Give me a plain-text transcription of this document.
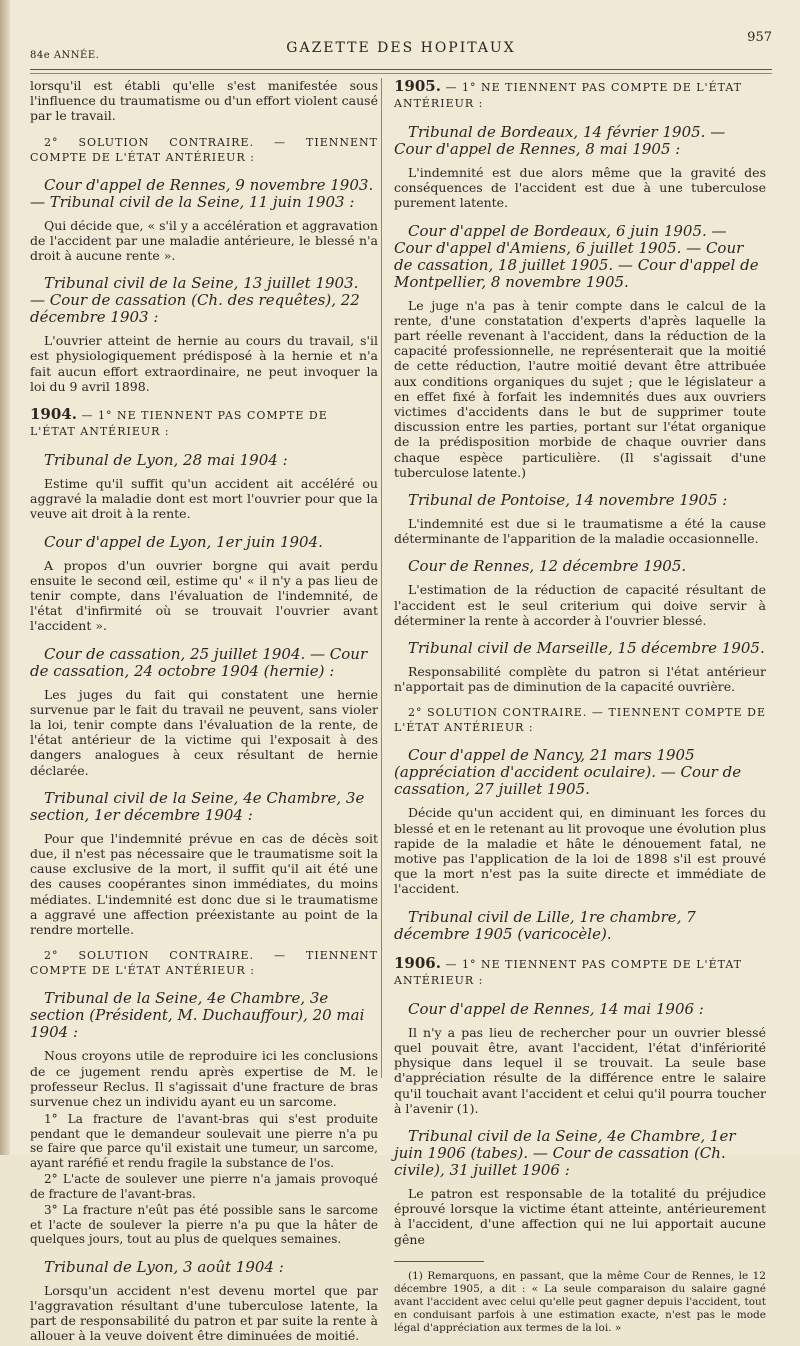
84e ANNÉE.	GAZETTE DES HOPITAUX
957

lorsqu'il est établi qu'elle s'est manifestée sous l'influence du traumatisme ou d'un effort violent causé par le travail.

2° SOLUTION CONTRAIRE. — TIENNENT COMPTE DE L'ÉTAT ANTÉRIEUR :
Cour d'appel de Rennes, 9 novembre 1903. — Tribunal civil de la Seine, 11 juin 1903 :

Qui décide que, « s'il y a accélération et aggravation de l'accident par une maladie antérieure, le blessé n'a droit à aucune rente ».

Tribunal civil de la Seine, 13 juillet 1903. — Cour de cassation (Ch. des requêtes), 22 décembre 1903 :

L'ouvrier atteint de hernie au cours du travail, s'il est physiologiquement prédisposé à la hernie et n'a fait aucun effort extraordinaire, ne peut invoquer la loi du 9 avril 1898.

1904. — 1° NE TIENNENT PAS COMPTE DE L'ÉTAT ANTÉRIEUR :
Tribunal de Lyon, 28 mai 1904 :

Estime qu'il suffit qu'un accident ait accéléré ou aggravé la maladie dont est mort l'ouvrier pour que la veuve ait droit à la rente.

Cour d'appel de Lyon, 1er juin 1904.

A propos d'un ouvrier borgne qui avait perdu ensuite le second œil, estime qu' « il n'y a pas lieu de tenir compte, dans l'évaluation de l'indemnité, de l'état d'infirmité où se trouvait l'ouvrier avant l'accident ».

Cour de cassation, 25 juillet 1904. — Cour de cassation, 24 octobre 1904 (hernie) :

Les juges du fait qui constatent une hernie survenue par le fait du travail ne peuvent, sans violer la loi, tenir compte dans l'évaluation de la rente, de l'état antérieur de la victime qui l'exposait à des dangers analogues à ceux résultant de hernie déclarée.

Tribunal civil de la Seine, 4e Chambre, 3e section, 1er décembre 1904 :

Pour que l'indemnité prévue en cas de décès soit due, il n'est pas nécessaire que le traumatisme soit la cause exclusive de la mort, il suffit qu'il ait été une des causes coopérantes sinon immédiates, du moins médiates. L'indemnité est donc due si le traumatisme a aggravé une affection préexistante au point de la rendre mortelle.

2° SOLUTION CONTRAIRE. — TIENNENT COMPTE DE L'ÉTAT ANTÉRIEUR :
Tribunal de la Seine, 4e Chambre, 3e section (Président, M. Duchauffour), 20 mai 1904 :

Nous croyons utile de reproduire ici les conclusions de ce jugement rendu après expertise de M. le professeur Reclus. Il s'agissait d'une fracture de bras survenue chez un individu ayant eu un sarcome.

1° La fracture de l'avant-bras qui s'est produite pendant que le demandeur soulevait une pierre n'a pu se faire que parce qu'il existait une tumeur, un sarcome, ayant raréfié et rendu fragile la substance de l'os.

2° L'acte de soulever une pierre n'a jamais provoqué de fracture de l'avant-bras.

3° La fracture n'eût pas été possible sans le sarcome et l'acte de soulever la pierre n'a pu que la hâter de quelques jours, tout au plus de quelques semaines.

Tribunal de Lyon, 3 août 1904 :

Lorsqu'un accident n'est devenu mortel que par l'aggravation résultant d'une tuberculose latente, la part de responsabilité du patron et par suite la rente à allouer à la veuve doivent être diminuées de moitié.

1905. — 1° NE TIENNENT PAS COMPTE DE L'ÉTAT ANTÉRIEUR :
Tribunal de Bordeaux, 14 février 1905. — Cour d'appel de Rennes, 8 mai 1905 :

L'indemnité est due alors même que la gravité des conséquences de l'accident est due à une tuberculose purement latente.

Cour d'appel de Bordeaux, 6 juin 1905. — Cour d'appel d'Amiens, 6 juillet 1905. — Cour de cassation, 18 juillet 1905. — Cour d'appel de Montpellier, 8 novembre 1905.

Le juge n'a pas à tenir compte dans le calcul de la rente, d'une constatation d'experts d'après laquelle la part réelle revenant à l'accident, dans la réduction de la capacité professionnelle, ne représenterait que la moitié de cette réduction, l'autre moitié devant être attribuée aux conditions organiques du sujet ; que le législateur a en effet fixé à forfait les indemnités dues aux ouvriers victimes d'accidents dans le but de supprimer toute discussion entre les parties, portant sur l'état organique de la prédisposition morbide de chaque ouvrier dans chaque espèce particulière. (Il s'agissait d'une tuberculose latente.)

Tribunal de Pontoise, 14 novembre 1905 :

L'indemnité est due si le traumatisme a été la cause déterminante de l'apparition de la maladie occasionnelle.

Cour de Rennes, 12 décembre 1905.

L'estimation de la réduction de capacité résultant de l'accident est le seul criterium qui doive servir à déterminer la rente à accorder à l'ouvrier blessé.

Tribunal civil de Marseille, 15 décembre 1905.

Responsabilité complète du patron si l'état antérieur n'apportait pas de diminution de la capacité ouvrière.

2° SOLUTION CONTRAIRE. — TIENNENT COMPTE DE L'ÉTAT ANTÉRIEUR :
Cour d'appel de Nancy, 21 mars 1905 (appréciation d'accident oculaire). — Cour de cassation, 27 juillet 1905.

Décide qu'un accident qui, en diminuant les forces du blessé et en le retenant au lit provoque une évolution plus rapide de la maladie et hâte le dénouement fatal, ne motive pas l'application de la loi de 1898 s'il est prouvé que la mort n'est pas la suite directe et immédiate de l'accident.

Tribunal civil de Lille, 1re chambre, 7 décembre 1905 (varicocèle).
1906. — 1° NE TIENNENT PAS COMPTE DE L'ÉTAT ANTÉRIEUR :
Cour d'appel de Rennes, 14 mai 1906 :

Il n'y a pas lieu de rechercher pour un ouvrier blessé quel pouvait être, avant l'accident, l'état d'infériorité physique dans lequel il se trouvait. La seule base d'appréciation résulte de la différence entre le salaire qu'il touchait avant l'accident et celui qu'il pourra toucher à l'avenir (1).

Tribunal civil de la Seine, 4e Chambre, 1er juin 1906 (tabes). — Cour de cassation (Ch. civile), 31 juillet 1906 :

Le patron est responsable de la totalité du préjudice éprouvé lorsque la victime étant atteinte, antérieurement à l'accident, d'une affection qui ne lui apportait aucune gêne

(1) Remarquons, en passant, que la même Cour de Rennes, le 12 décembre 1905, a dit : « La seule comparaison du salaire gagné avant l'accident avec celui qu'elle peut gagner depuis l'accident, tout en conduisant parfois à une estimation exacte, n'est pas le mode légal d'appréciation aux termes de la loi. »
